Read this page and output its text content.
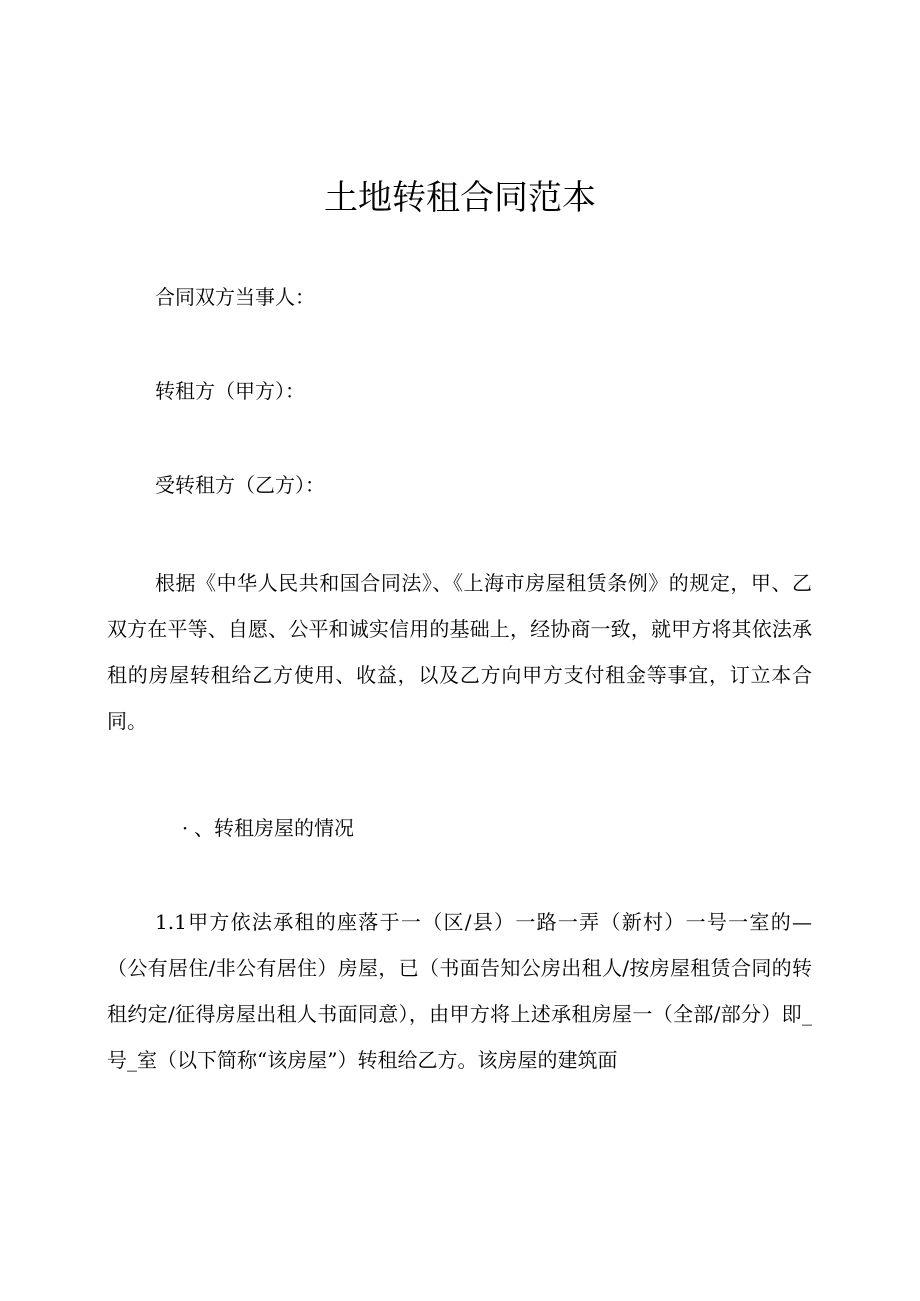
土地转租合同范本

合同双方当事人：

转租方（甲方）：

受转租方（乙方）：

根据《中华人民共和国合同法》、《上海市房屋租赁条例》的规定，甲、乙双方在平等、自愿、公平和诚实信用的基础上，经协商一致，就甲方将其依法承租的房屋转租给乙方使用、收益，以及乙方向甲方支付租金等事宜，订立本合同。

· 、转租房屋的情况

1.1甲方依法承租的座落于一（区/县）一路一弄（新村）一号一室的—（公有居住/非公有居住）房屋，已（书面告知公房出租人/按房屋租赁合同的转租约定/征得房屋出租人书面同意），由甲方将上述承租房屋一（全部/部分）即_号_室（以下简称“该房屋”）转租给乙方。该房屋的建筑面
